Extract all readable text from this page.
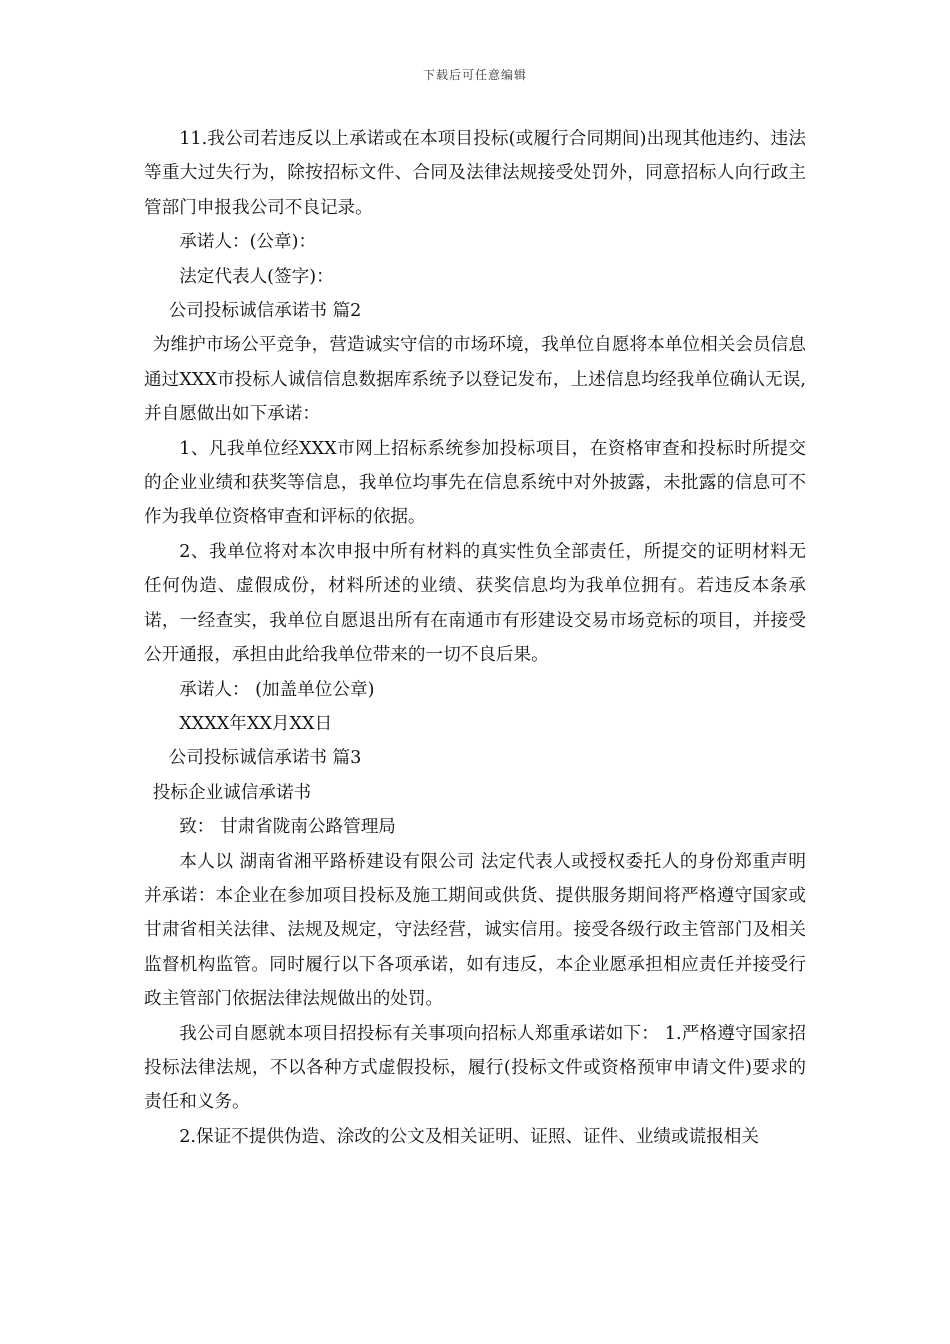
下载后可任意编辑

11.我公司若违反以上承诺或在本项目投标(或履行合同期间)出现其他违约、违法等重大过失行为，除按招标文件、合同及法律法规接受处罚外，同意招标人向行政主管部门申报我公司不良记录。

承诺人：(公章)：

法定代表人(签字)：

公司投标诚信承诺书 篇2

为维护市场公平竞争，营造诚实守信的市场环境，我单位自愿将本单位相关会员信息通过XXX市投标人诚信信息数据库系统予以登记发布，上述信息均经我单位确认无误,并自愿做出如下承诺：

1、凡我单位经XXX市网上招标系统参加投标项目，在资格审查和投标时所提交的企业业绩和获奖等信息，我单位均事先在信息系统中对外披露，未批露的信息可不作为我单位资格审查和评标的依据。

2、我单位将对本次申报中所有材料的真实性负全部责任，所提交的证明材料无任何伪造、虚假成份，材料所述的业绩、获奖信息均为我单位拥有。若违反本条承诺，一经查实，我单位自愿退出所有在南通市有形建设交易市场竞标的项目，并接受公开通报，承担由此给我单位带来的一切不良后果。

承诺人： (加盖单位公章)

XXXX年XX月XX日

公司投标诚信承诺书 篇3

投标企业诚信承诺书

致： 甘肃省陇南公路管理局

本人以 湖南省湘平路桥建设有限公司 法定代表人或授权委托人的身份郑重声明并承诺：本企业在参加项目投标及施工期间或供货、提供服务期间将严格遵守国家或甘肃省相关法律、法规及规定，守法经营，诚实信用。接受各级行政主管部门及相关监督机构监管。同时履行以下各项承诺，如有违反，本企业愿承担相应责任并接受行政主管部门依据法律法规做出的处罚。

我公司自愿就本项目招投标有关事项向招标人郑重承诺如下： 1.严格遵守国家招投标法律法规，不以各种方式虚假投标，履行(投标文件或资格预审申请文件)要求的责任和义务。

2.保证不提供伪造、涂改的公文及相关证明、证照、证件、业绩或谎报相关
